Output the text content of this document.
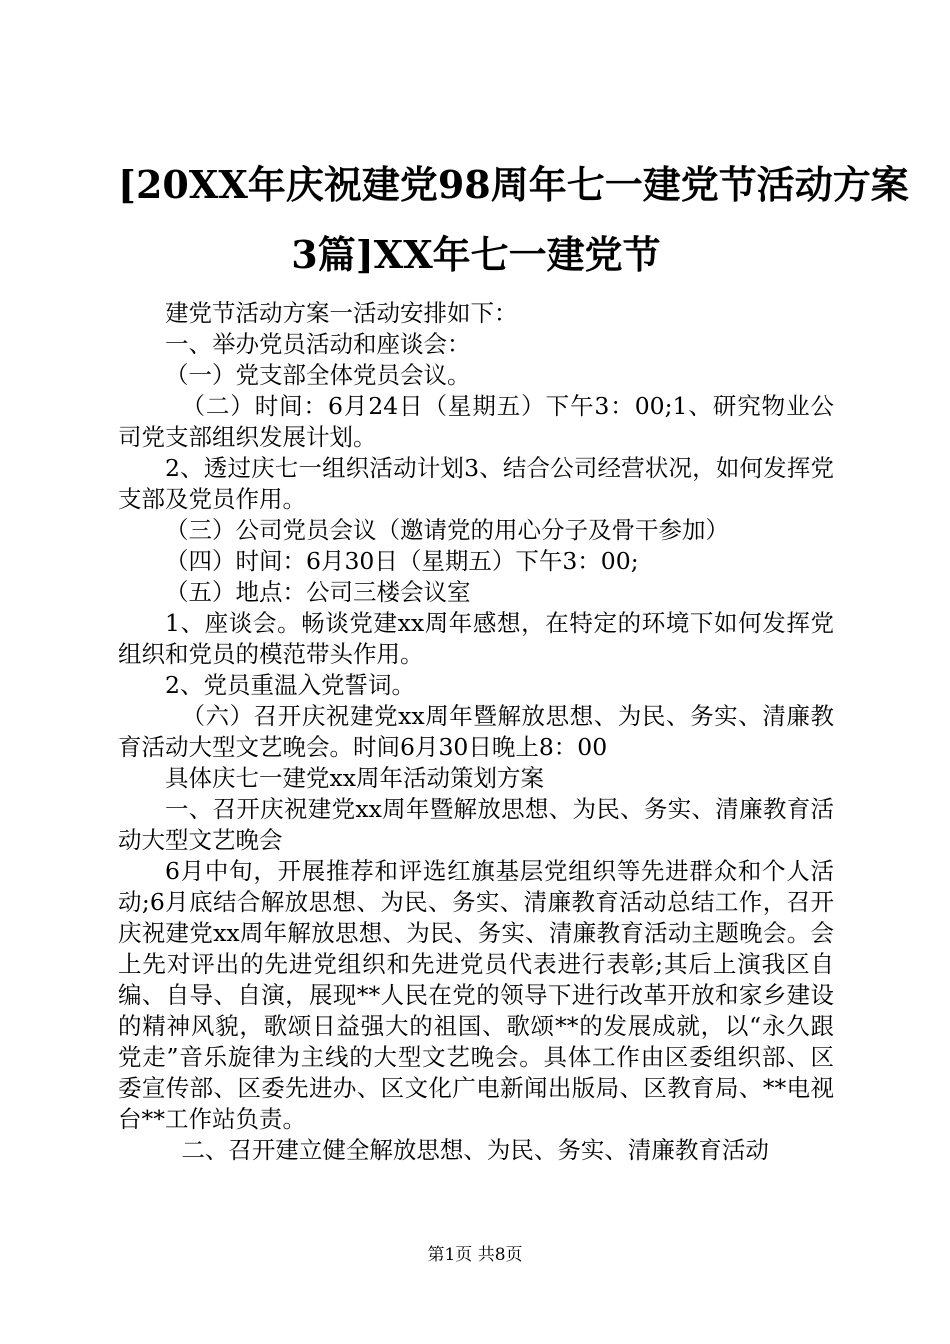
[20XX年庆祝建党98周年七一建党节活动方案
3篇]XX年七一建党节

建党节活动方案一活动安排如下：

一、举办党员活动和座谈会：

（一）党支部全体党员会议。

（二）时间：6月24日（星期五）下午3：00;1、研究物业公司党支部组织发展计划。

2、透过庆七一组织活动计划3、结合公司经营状况，如何发挥党支部及党员作用。

（三）公司党员会议（邀请党的用心分子及骨干参加）

（四）时间：6月30日（星期五）下午3：00;

（五）地点：公司三楼会议室

1、座谈会。畅谈党建xx周年感想，在特定的环境下如何发挥党组织和党员的模范带头作用。

2、党员重温入党誓词。

（六）召开庆祝建党xx周年暨解放思想、为民、务实、清廉教育活动大型文艺晚会。时间6月30日晚上8：00

具体庆七一建党xx周年活动策划方案

一、召开庆祝建党xx周年暨解放思想、为民、务实、清廉教育活动大型文艺晚会

6月中旬，开展推荐和评选红旗基层党组织等先进群众和个人活动;6月底结合解放思想、为民、务实、清廉教育活动总结工作，召开庆祝建党xx周年解放思想、为民、务实、清廉教育活动主题晚会。会上先对评出的先进党组织和先进党员代表进行表彰;其后上演我区自编、自导、自演，展现**人民在党的领导下进行改革开放和家乡建设的精神风貌，歌颂日益强大的祖国、歌颂**的发展成就，以“永久跟党走”音乐旋律为主线的大型文艺晚会。具体工作由区委组织部、区委宣传部、区委先进办、区文化广电新闻出版局、区教育局、**电视台**工作站负责。

二、召开建立健全解放思想、为民、务实、清廉教育活动

第1页 共8页
